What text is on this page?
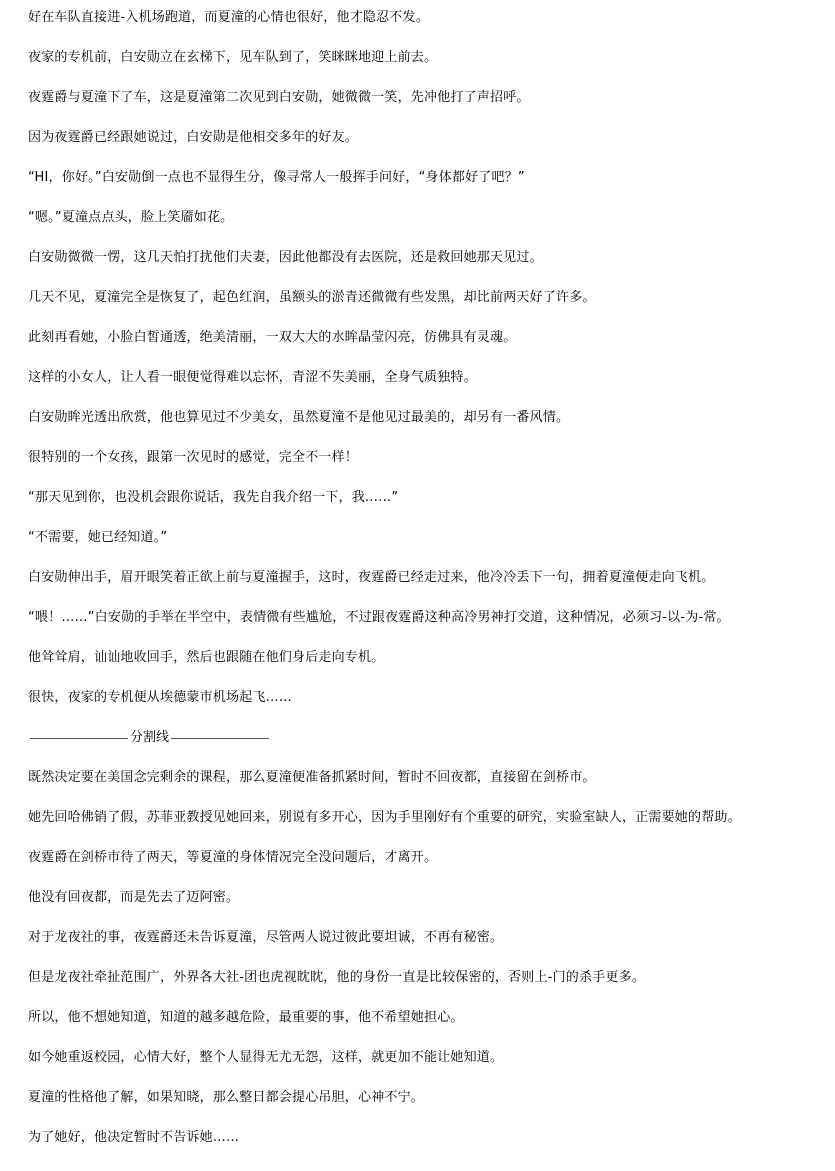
好在车队直接进-入机场跑道，而夏潼的心情也很好，他才隐忍不发。

夜家的专机前，白安勋立在玄梯下，见车队到了，笑眯眯地迎上前去。

夜霆爵与夏潼下了车，这是夏潼第二次见到白安勋，她微微一笑，先冲他打了声招呼。

因为夜霆爵已经跟她说过，白安勋是他相交多年的好友。

“HI，你好。”白安勋倒一点也不显得生分，像寻常人一般挥手问好，“身体都好了吧？”

“嗯。”夏潼点点头，脸上笑靥如花。

白安勋微微一愣，这几天怕打扰他们夫妻，因此他都没有去医院，还是救回她那天见过。

几天不见，夏潼完全是恢复了，起色红润，虽额头的淤青还微微有些发黑，却比前两天好了许多。

此刻再看她，小脸白皙通透，绝美清丽，一双大大的水眸晶莹闪亮，仿佛具有灵魂。

这样的小女人，让人看一眼便觉得难以忘怀，青涩不失美丽，全身气质独特。

白安勋眸光透出欣赏，他也算见过不少美女，虽然夏潼不是他见过最美的，却另有一番风情。

很特别的一个女孩，跟第一次见时的感觉，完全不一样！

“那天见到你，也没机会跟你说话，我先自我介绍一下，我……”

“不需要，她已经知道。”

白安勋伸出手，眉开眼笑着正欲上前与夏潼握手，这时，夜霆爵已经走过来，他冷冷丢下一句，拥着夏潼便走向飞机。

“喂！……”白安勋的手举在半空中，表情微有些尴尬，不过跟夜霆爵这种高冷男神打交道，这种情况，必须习-以-为-常。

他耸耸肩，讪讪地收回手，然后也跟随在他们身后走向专机。

很快，夜家的专机便从埃德蒙市机场起飞……

分割线

既然决定要在美国念完剩余的课程，那么夏潼便准备抓紧时间，暂时不回夜都，直接留在剑桥市。

她先回哈佛销了假，苏菲亚教授见她回来，别说有多开心，因为手里刚好有个重要的研究，实验室缺人，正需要她的帮助。

夜霆爵在剑桥市待了两天，等夏潼的身体情况完全没问题后，才离开。

他没有回夜都，而是先去了迈阿密。

对于龙夜社的事，夜霆爵还未告诉夏潼，尽管两人说过彼此要坦诚，不再有秘密。

但是龙夜社牵扯范围广，外界各大社-团也虎视眈眈，他的身份一直是比较保密的，否则上-门的杀手更多。

所以，他不想她知道，知道的越多越危险，最重要的事，他不希望她担心。

如今她重返校园，心情大好，整个人显得无尤无怨，这样，就更加不能让她知道。

夏潼的性格他了解，如果知晓，那么整日都会提心吊胆，心神不宁。

为了她好，他决定暂时不告诉她……
